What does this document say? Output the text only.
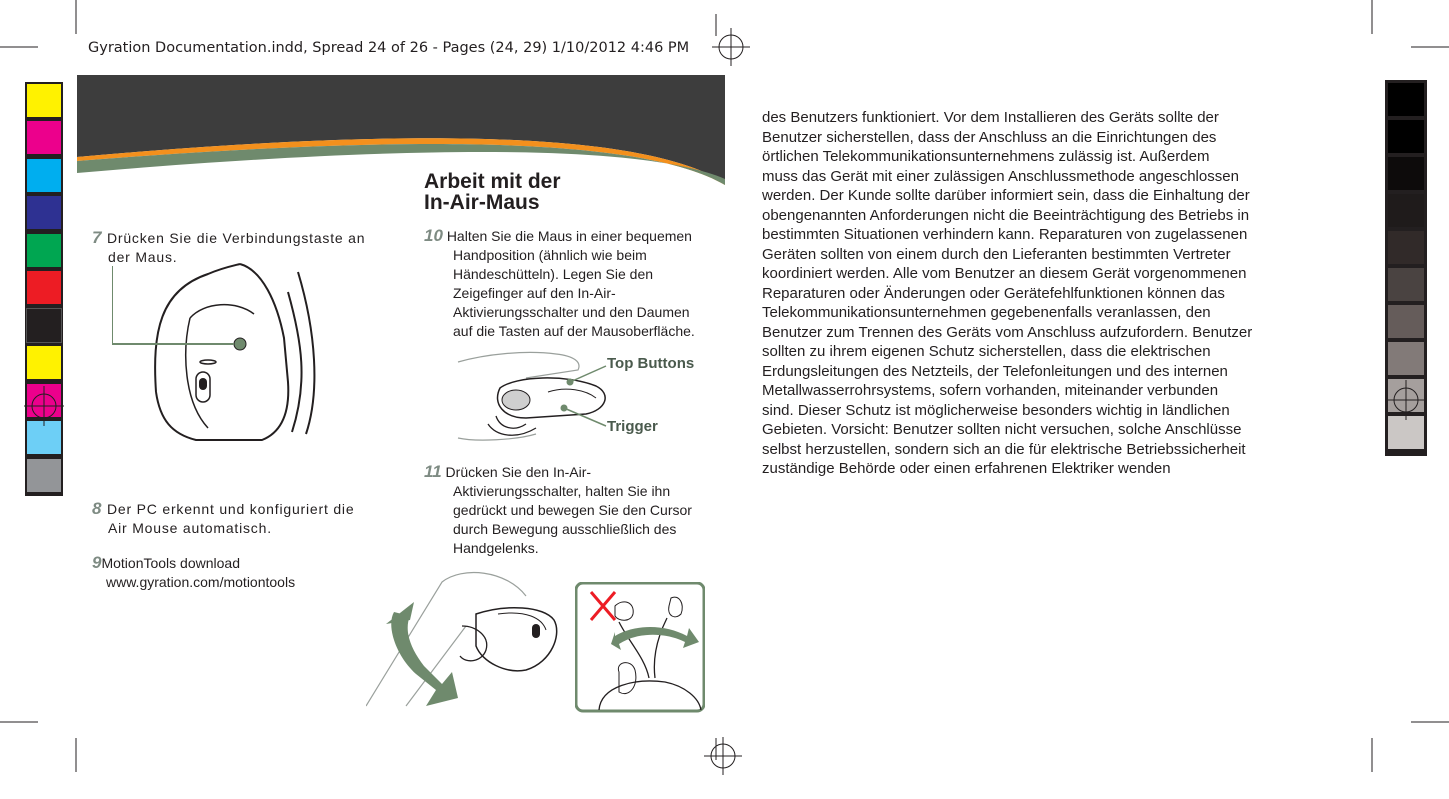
Gyration Documentation.indd, Spread 24 of 26 - Pages (24, 29) 1/10/2012 4:46 PM
Arbeit mit der
In-Air-Maus
7 Drücken Sie die Verbindungstaste an
der Maus.
8 Der PC erkennt und konfiguriert die
Air Mouse automatisch.
9MotionTools download
www.gyration.com/motiontools
10 Halten Sie die Maus in einer bequemen
Handposition (ähnlich wie beim
Händeschütteln). Legen Sie den
Zeigefinger auf den In-Air-
Aktivierungsschalter und den Daumen
auf die Tasten auf der Mausoberfläche.
Top Buttons
Trigger
11 Drücken Sie den In-Air-
Aktivierungsschalter, halten Sie ihn
gedrückt und bewegen Sie den Cursor
durch Bewegung ausschließlich des
Handgelenks.
des Benutzers funktioniert. Vor dem Installieren des Geräts sollte der
Benutzer sicherstellen, dass der Anschluss an die Einrichtungen des
örtlichen Telekommunikationsunternehmens zulässig ist. Außerdem
muss das Gerät mit einer zulässigen Anschlussmethode angeschlossen
werden. Der Kunde sollte darüber informiert sein, dass die Einhaltung der
obengenannten Anforderungen nicht die Beeinträchtigung des Betriebs in
bestimmten Situationen verhindern kann. Reparaturen von zugelassenen
Geräten sollten von einem durch den Lieferanten bestimmten Vertreter
koordiniert werden. Alle vom Benutzer an diesem Gerät vorgenommenen
Reparaturen oder Änderungen oder Gerätefehlfunktionen können das
Telekommunikationsunternehmen gegebenenfalls veranlassen, den
Benutzer zum Trennen des Geräts vom Anschluss aufzufordern. Benutzer
sollten zu ihrem eigenen Schutz sicherstellen, dass die elektrischen
Erdungsleitungen des Netzteils, der Telefonleitungen und des internen
Metallwasserrohrsystems, sofern vorhanden, miteinander verbunden
sind. Dieser Schutz ist möglicherweise besonders wichtig in ländlichen
Gebieten. Vorsicht: Benutzer sollten nicht versuchen, solche Anschlüsse
selbst herzustellen, sondern sich an die für elektrische Betriebssicherheit
zuständige Behörde oder einen erfahrenen Elektriker wenden
